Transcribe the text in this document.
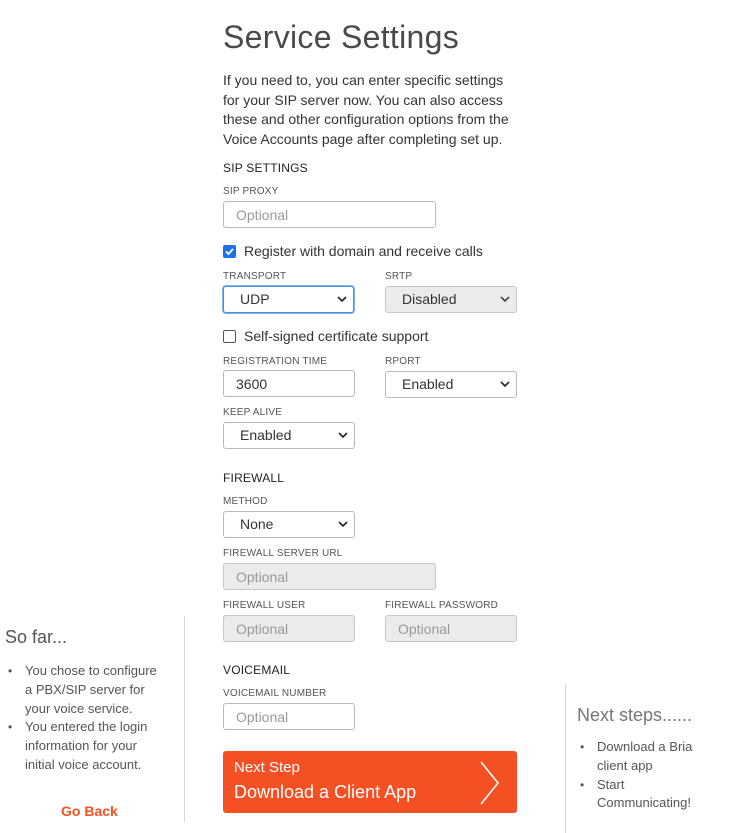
So far...
• You chose to configure a PBX/SIP server for your voice service.
• You entered the login information for your initial voice account.
Go Back
Service Settings
If you need to, you can enter specific settings for your SIP server now. You can also access these and other configuration options from the Voice Accounts page after completing set up.
SIP SETTINGS
SIP PROXY
Optional
Register with domain and receive calls
TRANSPORT
UDP
SRTP
Disabled
Self-signed certificate support
REGISTRATION TIME
3600	RPORT
Enabled
KEEP ALIVE
Enabled
FIREWALL
METHOD
None
FIREWALL SERVER URL
Optional
FIREWALL USER
Optional	FIREWALL PASSWORD
Optional
VOICEMAIL
VOICEMAIL NUMBER
Optional
Next Step
Download a Client App
Next steps......
• Download a Bria client app
• Start Communicating!
